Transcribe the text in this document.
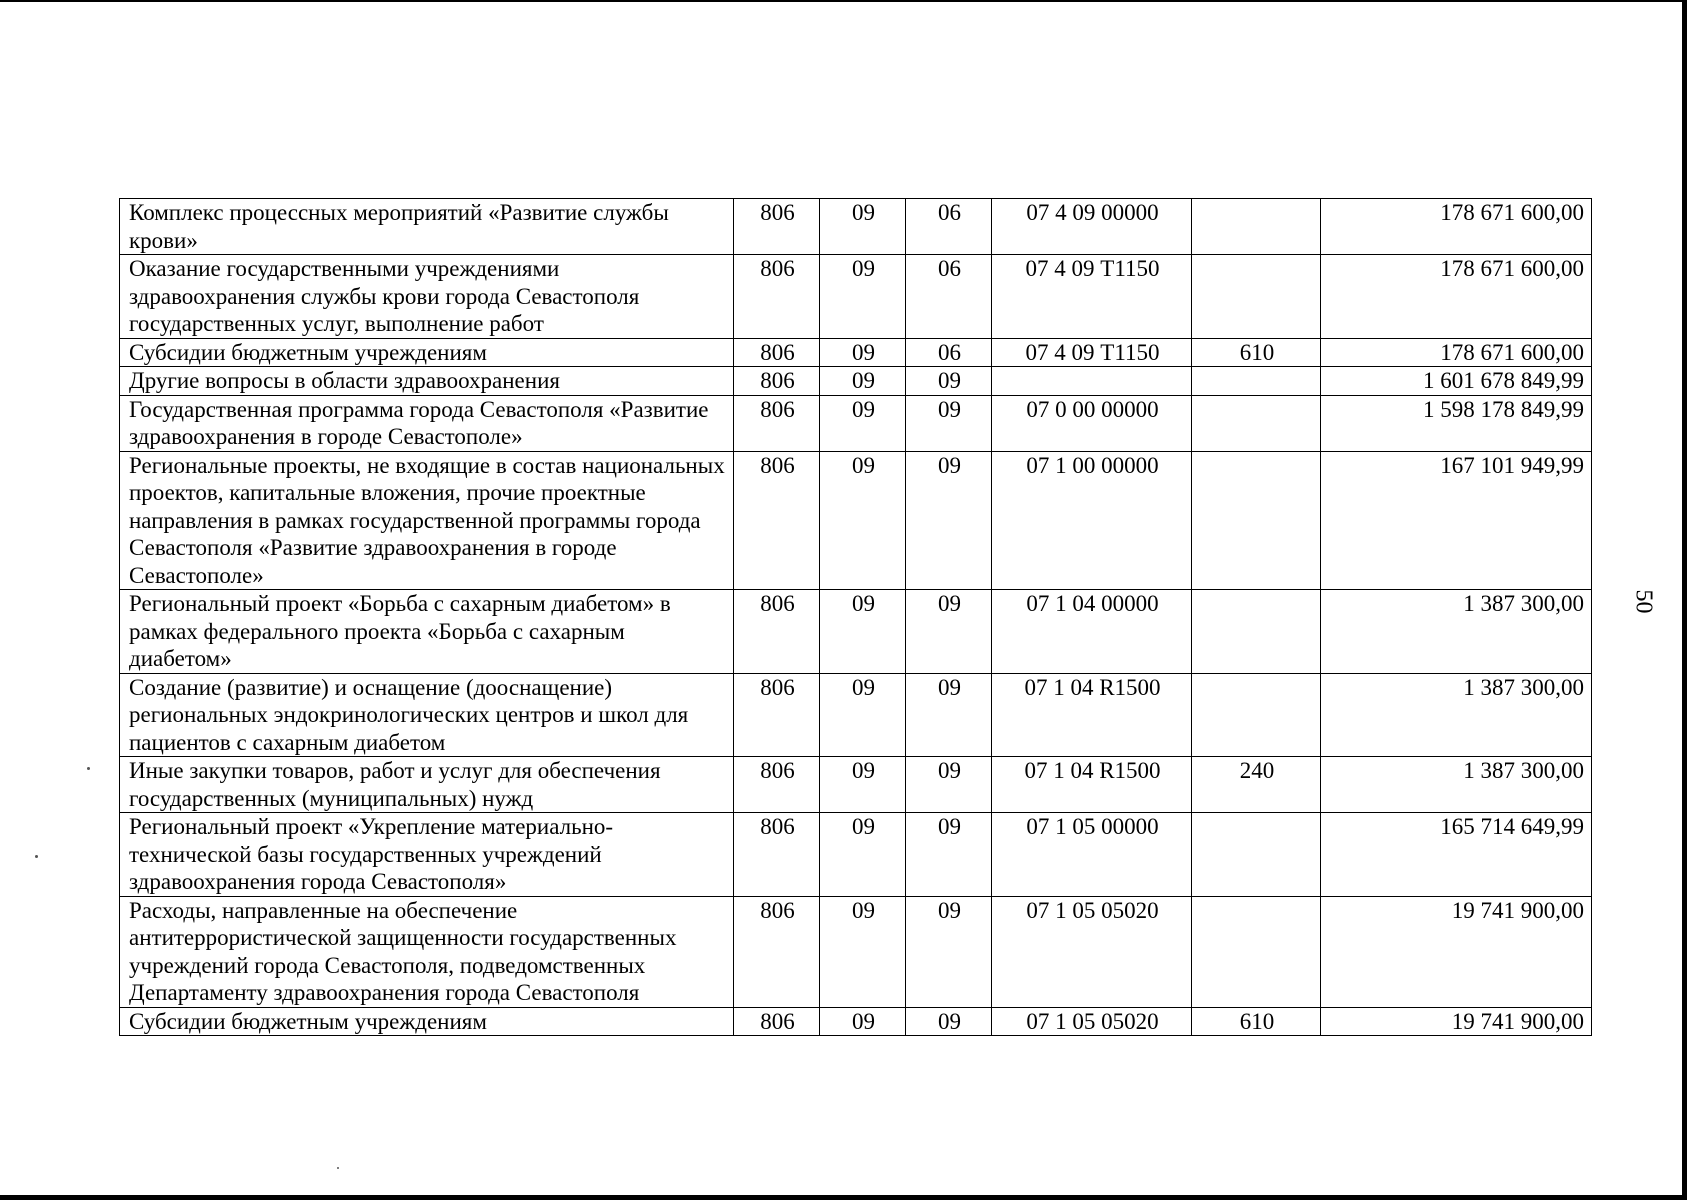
Комплекс процессных мероприятий «Развитие службы крови»	806	09	06	07 4 09 00000		178 671 600,00
Оказание государственными учреждениями здравоохранения службы крови города Севастополя государственных услуг, выполнение работ	806	09	06	07 4 09 Т1150		178 671 600,00
Субсидии бюджетным учреждениям	806	09	06	07 4 09 Т1150	610	178 671 600,00
Другие вопросы в области здравоохранения	806	09	09			1 601 678 849,99
Государственная программа города Севастополя «Развитие здравоохранения в городе Севастополе»	806	09	09	07 0 00 00000		1 598 178 849,99
Региональные проекты, не входящие в состав национальных проектов, капитальные вложения, прочие проектные направления в рамках государственной программы города Севастополя «Развитие здравоохранения в городе Севастополе»	806	09	09	07 1 00 00000		167 101 949,99
Региональный проект «Борьба с сахарным диабетом» в рамках федерального проекта «Борьба с сахарным диабетом»	806	09	09	07 1 04 00000		1 387 300,00
Создание (развитие) и оснащение (дооснащение) региональных эндокринологических центров и школ для пациентов с сахарным диабетом	806	09	09	07 1 04 R1500		1 387 300,00
Иные закупки товаров, работ и услуг для обеспечения государственных (муниципальных) нужд	806	09	09	07 1 04 R1500	240	1 387 300,00
Региональный проект «Укрепление материально-технической базы государственных учреждений здравоохранения города Севастополя»	806	09	09	07 1 05 00000		165 714 649,99
Расходы, направленные на обеспечение антитеррористической защищенности государственных учреждений города Севастополя, подведомственных Департаменту здравоохранения города Севастополя	806	09	09	07 1 05 05020		19 741 900,00
Субсидии бюджетным учреждениям	806	09	09	07 1 05 05020	610	19 741 900,00
50
